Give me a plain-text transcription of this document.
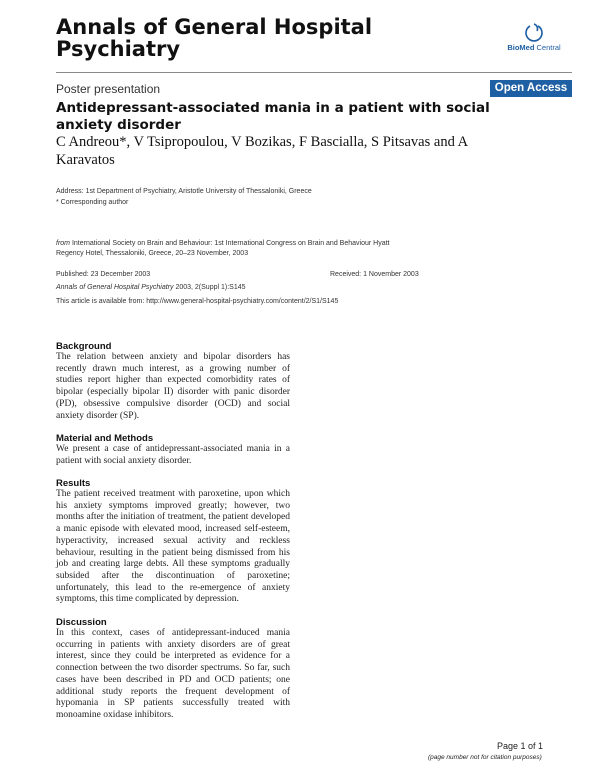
Annals of General Hospital Psychiatry	BioMed Central
Poster presentation	Open Access
Antidepressant-associated mania in a patient with social anxiety disorder
C Andreou*, V Tsipropoulou, V Bozikas, F Bascialla, S Pitsavas and A Karavatos
Address: 1st Department of Psychiatry, Aristotle University of Thessaloniki, Greece
* Corresponding author
from International Society on Brain and Behaviour: 1st International Congress on Brain and Behaviour Hyatt Regency Hotel, Thessaloniki, Greece, 20–23 November, 2003
Published: 23 December 2003	Received: 1 November 2003
Annals of General Hospital Psychiatry 2003, 2(Suppl 1):S145
This article is available from: http://www.general-hospital-psychiatry.com/content/2/S1/S145
Background
The relation between anxiety and bipolar disorders has recently drawn much interest, as a growing number of studies report higher than expected comorbidity rates of bipolar (especially bipolar II) disorder with panic disorder (PD), obsessive compulsive disorder (OCD) and social anxiety disorder (SP).
Material and Methods
We present a case of antidepressant-associated mania in a patient with social anxiety disorder.
Results
The patient received treatment with paroxetine, upon which his anxiety symptoms improved greatly; however, two months after the initiation of treatment, the patient developed a manic episode with elevated mood, increased self-esteem, hyperactivity, increased sexual activity and reckless behaviour, resulting in the patient being dismissed from his job and creating large debts. All these symptoms gradually subsided after the discontinuation of paroxetine; unfortunately, this lead to the re-emergence of anxiety symptoms, this time complicated by depression.
Discussion
In this context, cases of antidepressant-induced mania occurring in patients with anxiety disorders are of great interest, since they could be interpreted as evidence for a connection between the two disorder spectrums. So far, such cases have been described in PD and OCD patients; one additional study reports the frequent development of hypomania in SP patients successfully treated with monoamine oxidase inhibitors.
Page 1 of 1
(page number not for citation purposes)
